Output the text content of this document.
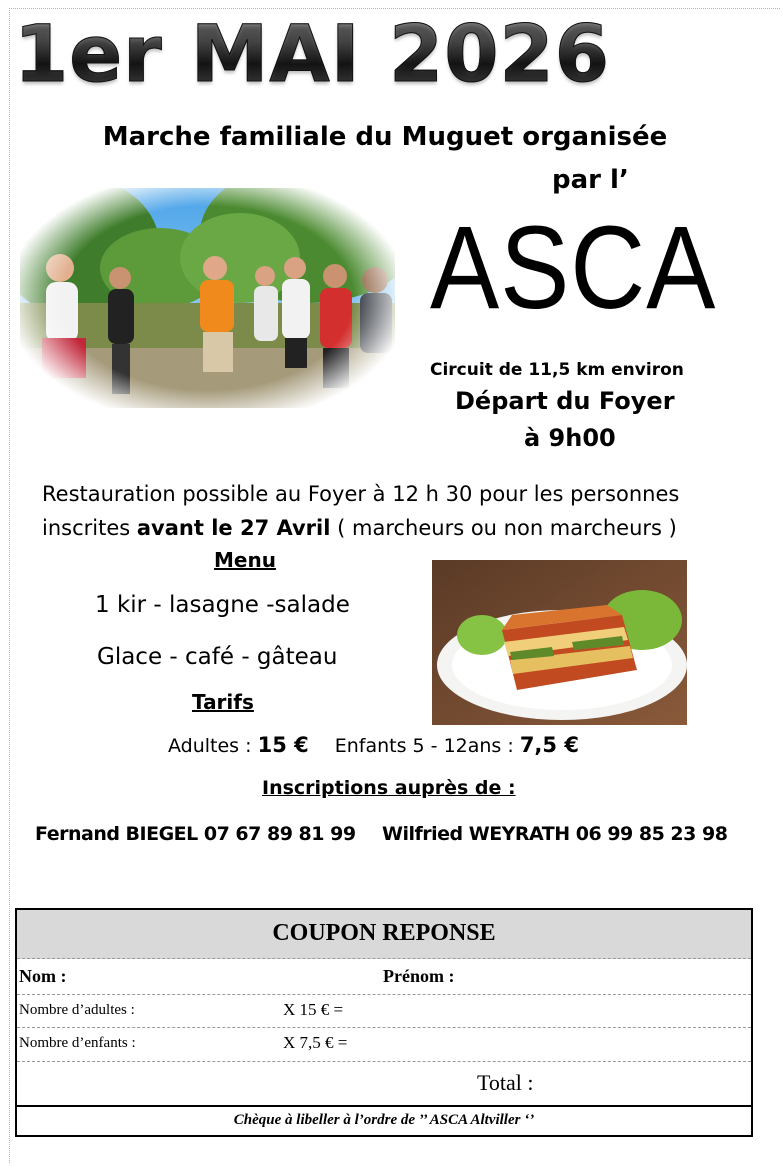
1er MAI 2026
Marche familiale du Muguet organisée
par l’
ASCA
Circuit de 11,5 km environ
Départ du Foyer
à 9h00
Restauration possible au Foyer à 12 h 30 pour les personnes
inscrites avant le 27 Avril ( marcheurs ou non marcheurs )
Menu
1 kir - lasagne -salade
Glace - café - gâteau
Tarifs
Adultes : 15 € Enfants 5 - 12ans : 7,5 €
Inscriptions auprès de :
Fernand BIEGEL 07 67 89 81 99 Wilfried WEYRATH 06 99 85 23 98
COUPON REPONSE
Nom :	Prénom :
Nombre d’adultes :	X 15 € =
Nombre d’enfants :	X 7,5 € =
Total :
Chèque à libeller à l’ordre de ’’ ASCA Altviller ‘’
